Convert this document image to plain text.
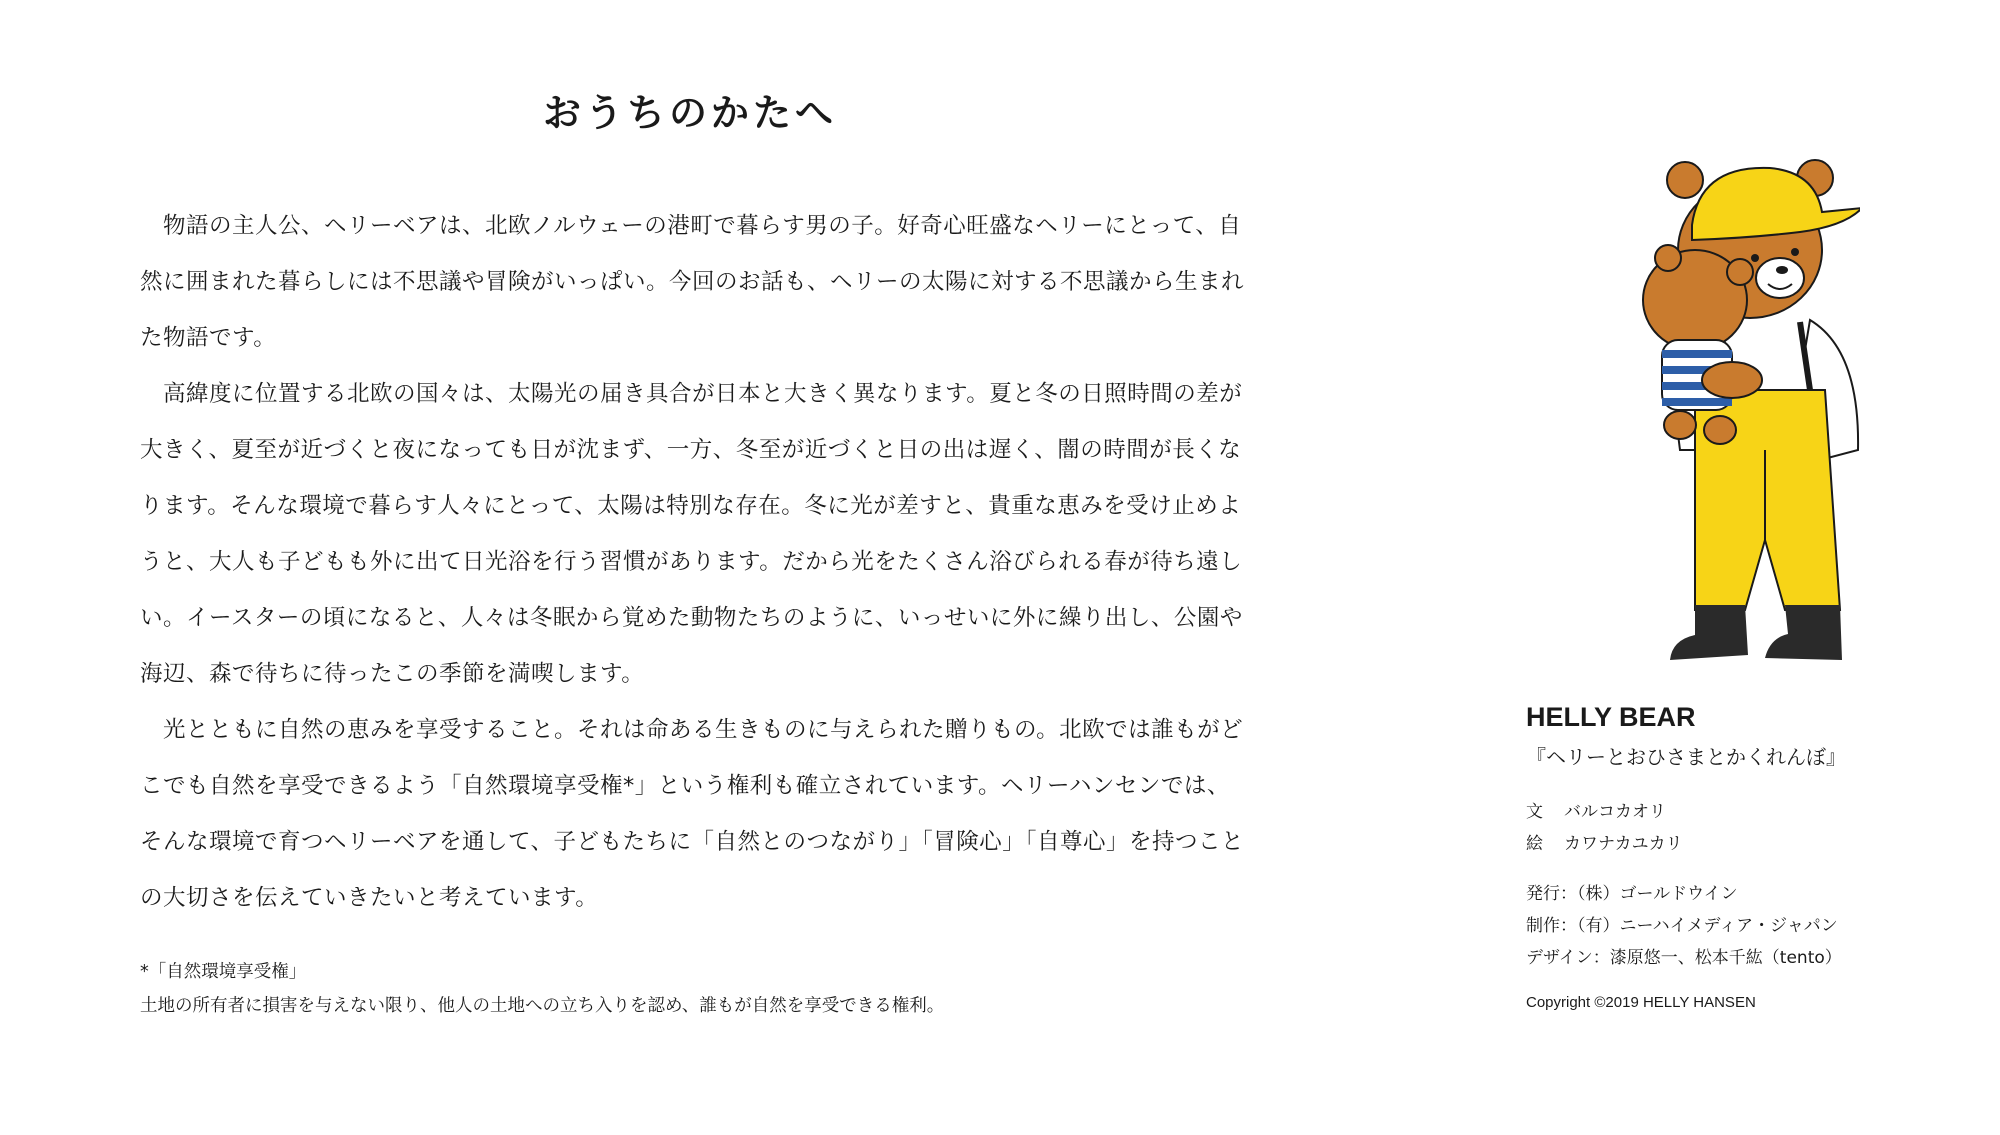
おうちのかたへ

　物語の主人公、ヘリーベアは、北欧ノルウェーの港町で暮らす男の子。好奇心旺盛なヘリーにとって、自然に囲まれた暮らしには不思議や冒険がいっぱい。今回のお話も、ヘリーの太陽に対する不思議から生まれた物語です。

　高緯度に位置する北欧の国々は、太陽光の届き具合が日本と大きく異なります。夏と冬の日照時間の差が大きく、夏至が近づくと夜になっても日が沈まず、一方、冬至が近づくと日の出は遅く、闇の時間が長くなります。そんな環境で暮らす人々にとって、太陽は特別な存在。冬に光が差すと、貴重な恵みを受け止めようと、大人も子どもも外に出て日光浴を行う習慣があります。だから光をたくさん浴びられる春が待ち遠しい。イースターの頃になると、人々は冬眠から覚めた動物たちのように、いっせいに外に繰り出し、公園や海辺、森で待ちに待ったこの季節を満喫します。

　光とともに自然の恵みを享受すること。それは命ある生きものに与えられた贈りもの。北欧では誰もがどこでも自然を享受できるよう「自然環境享受権*」という権利も確立されています。ヘリーハンセンでは、そんな環境で育つヘリーベアを通して、子どもたちに「自然とのつながり」「冒険心」「自尊心」を持つことの大切さを伝えていきたいと考えています。

*「自然環境享受権」
土地の所有者に損害を与えない限り、他人の土地への立ち入りを認め、誰もが自然を享受できる権利。
HELLY BEAR
『ヘリーとおひさまとかくれんぼ』
文 バルコカオリ
絵 カワナカユカリ
発行：（株）ゴールドウイン
制作：（有）ニーハイメディア・ジャパン
デザイン：漆原悠一、松本千紘（tento）
Copyright ©2019 HELLY HANSEN
